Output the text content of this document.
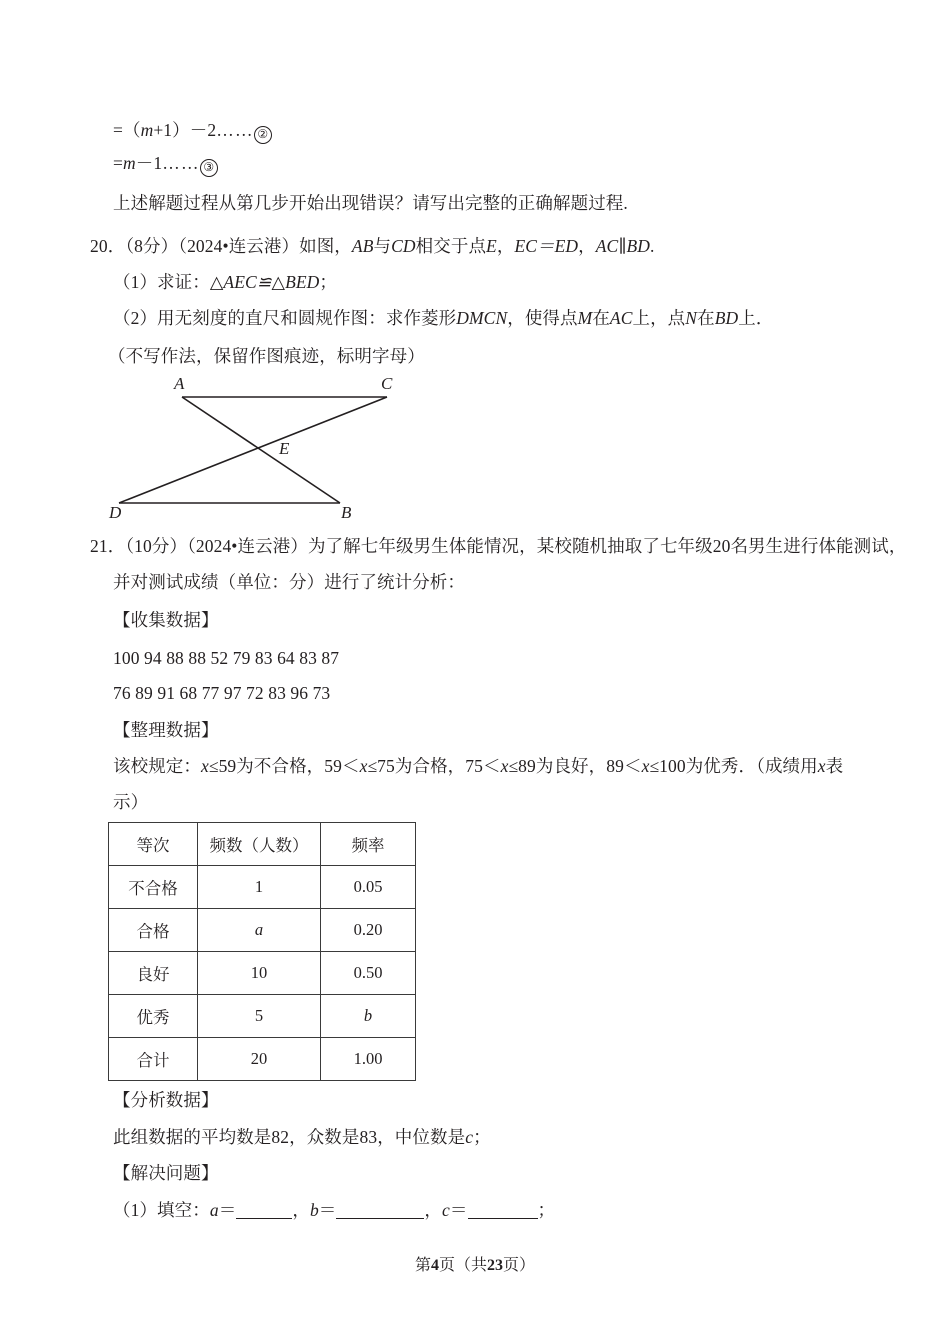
=（m+1）－2…… ②
=m－1…… ③
上述解题过程从第几步开始出现错误？请写出完整的正确解题过程.
20．（8分）（2024•连云港）如图，AB与CD相交于点E，EC＝ED，AC∥BD.
（1）求证：△AEC≌△BED；
（2）用无刻度的直尺和圆规作图：求作菱形DMCN，使得点M在AC上，点N在BD上．
（不写作法，保留作图痕迹，标明字母）
A	C
E
D	B
21．（10分）（2024•连云港）为了解七年级男生体能情况，某校随机抽取了七年级20名男生进行体能测试，
并对测试成绩（单位：分）进行了统计分析：
【收集数据】
100 94 88 88 52 79 83 64 83 87
76 89 91 68 77 97 72 83 96 73
【整理数据】
该校规定：x≤59为不合格，59＜x≤75为合格，75＜x≤89为良好，89＜x≤100为优秀．（成绩用x表
示）
等次	频数（人数）	频率
不合格	1	0.05
合格	a	0.20
良好	10	0.50
优秀	5	b
合计	20	1.00
【分析数据】
此组数据的平均数是82，众数是83，中位数是c；
【解决问题】
（1）填空：a＝	，b＝	，c＝	；
第4页（共23页）
